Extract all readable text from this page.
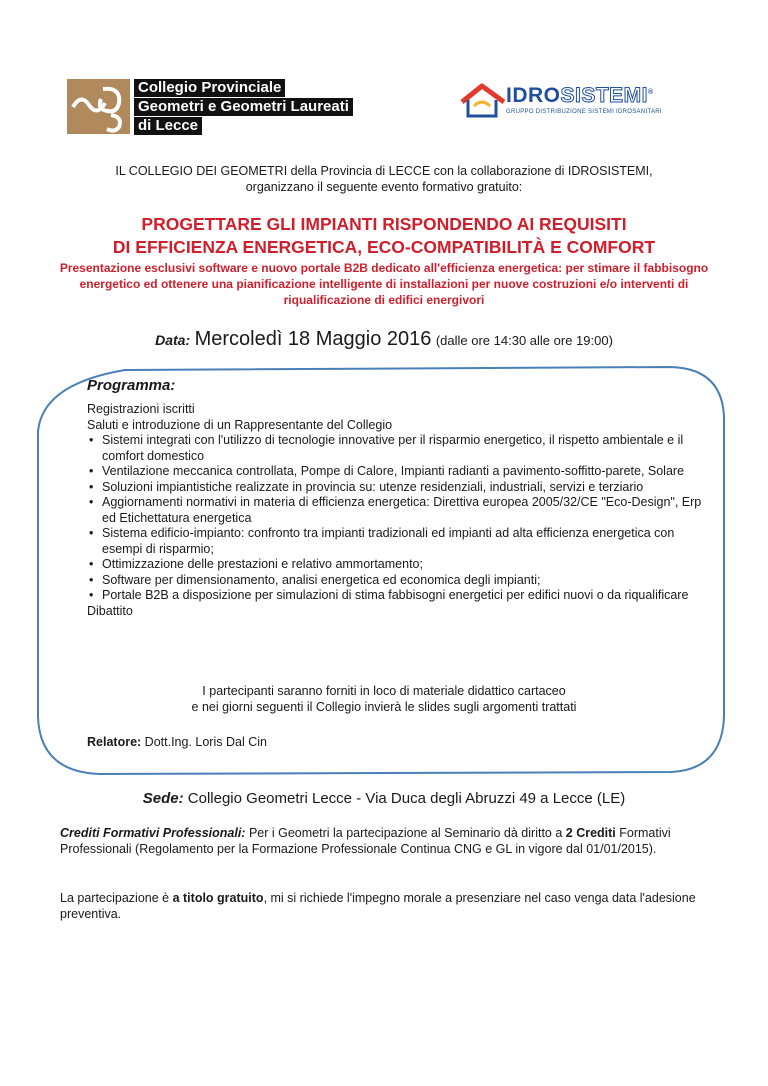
Collegio Provinciale
Geometri e Geometri Laureati
di Lecce
IDROSISTEMI®
GRUPPO DISTRIBUZIONE SISTEMI IDROSANITARI
IL COLLEGIO DEI GEOMETRI della Provincia di LECCE con la collaborazione di IDROSISTEMI,
organizzano il seguente evento formativo gratuito:
PROGETTARE GLI IMPIANTI RISPONDENDO AI REQUISITI
DI EFFICIENZA ENERGETICA, ECO-COMPATIBILITÀ E COMFORT
Presentazione esclusivi software e nuovo portale B2B dedicato all'efficienza energetica: per stimare il fabbisogno energetico ed ottenere una pianificazione intelligente di installazioni per nuove costruzioni e/o interventi di riqualificazione di edifici energivori
Data: Mercoledì 18 Maggio 2016 (dalle ore 14:30 alle ore 19:00)
Programma:

Registrazioni iscritti

Saluti e introduzione di un Rappresentante del Collegio

• Sistemi integrati con l'utilizzo di tecnologie innovative per il risparmio energetico, il rispetto ambientale e il comfort domestico
• Ventilazione meccanica controllata, Pompe di Calore, Impianti radianti a pavimento-soffitto-parete, Solare
• Soluzioni impiantistiche realizzate in provincia su: utenze residenziali, industriali, servizi e terziario
• Aggiornamenti normativi in materia di efficienza energetica: Direttiva europea 2005/32/CE "Eco-Design", Erp ed Etichettatura energetica
• Sistema edificio-impianto: confronto tra impianti tradizionali ed impianti ad alta efficienza energetica con esempi di risparmio;
• Ottimizzazione delle prestazioni e relativo ammortamento;
• Software per dimensionamento, analisi energetica ed economica degli impianti;
• Portale B2B a disposizione per simulazioni di stima fabbisogni energetici per edifici nuovi o da riqualificare

Dibattito

I partecipanti saranno forniti in loco di materiale didattico cartaceo
e nei giorni seguenti il Collegio invierà le slides sugli argomenti trattati
Relatore: Dott.Ing. Loris Dal Cin
Sede: Collegio Geometri Lecce - Via Duca degli Abruzzi 49 a Lecce (LE)
Crediti Formativi Professionali: Per i Geometri la partecipazione al Seminario dà diritto a 2 Crediti Formativi Professionali (Regolamento per la Formazione Professionale Continua CNG e GL in vigore dal 01/01/2015).
La partecipazione è a titolo gratuito, mi si richiede l'impegno morale a presenziare nel caso venga data l'adesione preventiva.
